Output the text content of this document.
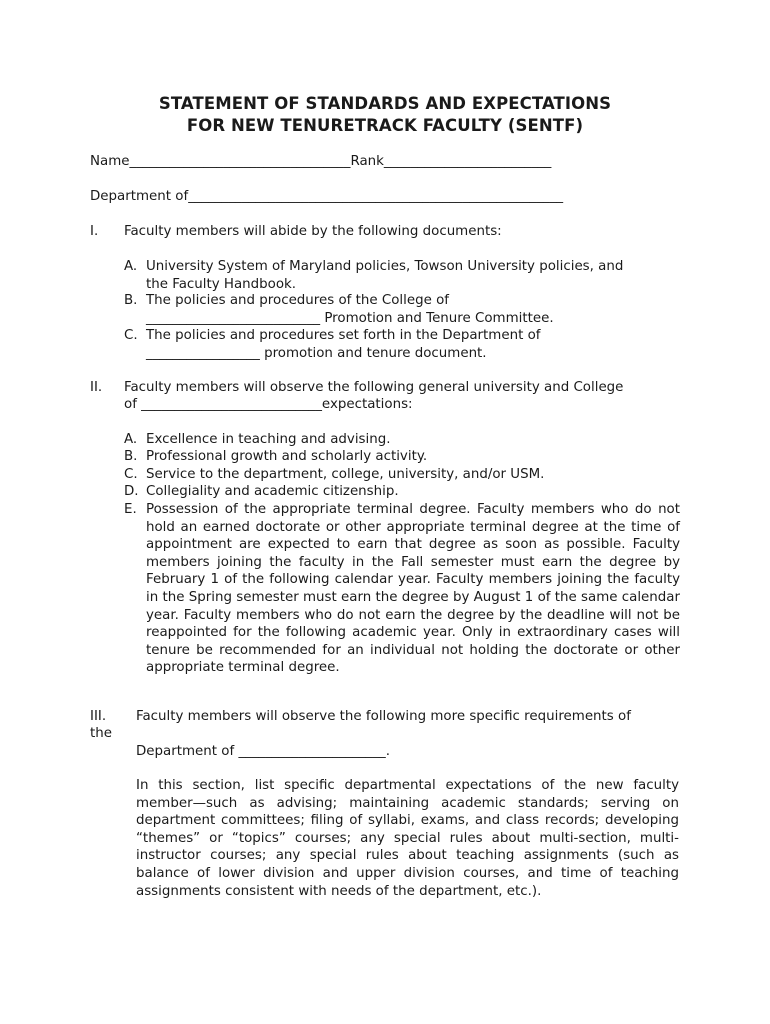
STATEMENT OF STANDARDS AND EXPECTATIONS
FOR NEW TENURETRACK FACULTY (SENTF)
Name_________________________________Rank_________________________
Department of________________________________________________________
I. Faculty members will abide by the following documents:
A. University System of Maryland policies, Towson University policies, and
the Faculty Handbook.
B. The policies and procedures of the College of
__________________________ Promotion and Tenure Committee.
C. The policies and procedures set forth in the Department of
_________________ promotion and tenure document.
II. Faculty members will observe the following general university and College
of ___________________________expectations:
A. Excellence in teaching and advising.
B. Professional growth and scholarly activity.
C. Service to the department, college, university, and/or USM.
D. Collegiality and academic citizenship.
E. Possession of the appropriate terminal degree. Faculty members who do not hold an earned doctorate or other appropriate terminal degree at the time of appointment are expected to earn that degree as soon as possible. Faculty members joining the faculty in the Fall semester must earn the degree by February 1 of the following calendar year. Faculty members joining the faculty in the Spring semester must earn the degree by August 1 of the same calendar year. Faculty members who do not earn the degree by the deadline will not be reappointed for the following academic year. Only in extraordinary cases will tenure be recommended for an individual not holding the doctorate or other appropriate terminal degree.
III. Faculty members will observe the following more specific requirements of
the
Department of ______________________.
In this section, list specific departmental expectations of the new faculty member—such as advising; maintaining academic standards; serving on department committees; filing of syllabi, exams, and class records; developing “themes” or “topics” courses; any special rules about multi-section, multi-instructor courses; any special rules about teaching assignments (such as balance of lower division and upper division courses, and time of teaching assignments consistent with needs of the department, etc.).
